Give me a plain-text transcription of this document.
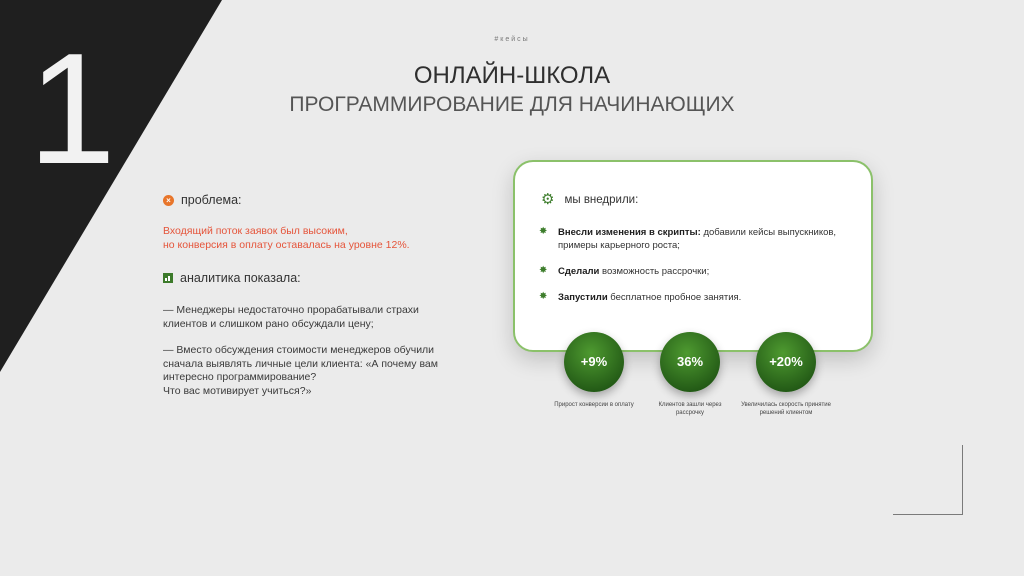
1	#кейсы
ОНЛАЙН-ШКОЛА
ПРОГРАММИРОВАНИЕ ДЛЯ НАЧИНАЮЩИХ
× проблема:
Входящий поток заявок был высоким,
но конверсия в оплату оставалась на уровне 12%.
аналитика показала:

— Менеджеры недостаточно прорабатывали страхи
клиентов и слишком рано обсуждали цену;

— Вместо обсуждения стоимости менеджеров обучили
сначала выявлять личные цели клиента: «А почему вам
интересно программирование?
Что вас мотивирует учиться?»

⚙ мы внедрили:
✸ Внесли изменения в скрипты: добавили кейсы выпускников, примеры карьерного роста;
✸ Сделали возможность рассрочки;
✸ Запустили бесплатное пробное занятия.
+9%	36%	+20%
Прирост конверсии в оплату	Клиентов зашли через рассрочку
Увеличилась скорость принятие решений клиентом
